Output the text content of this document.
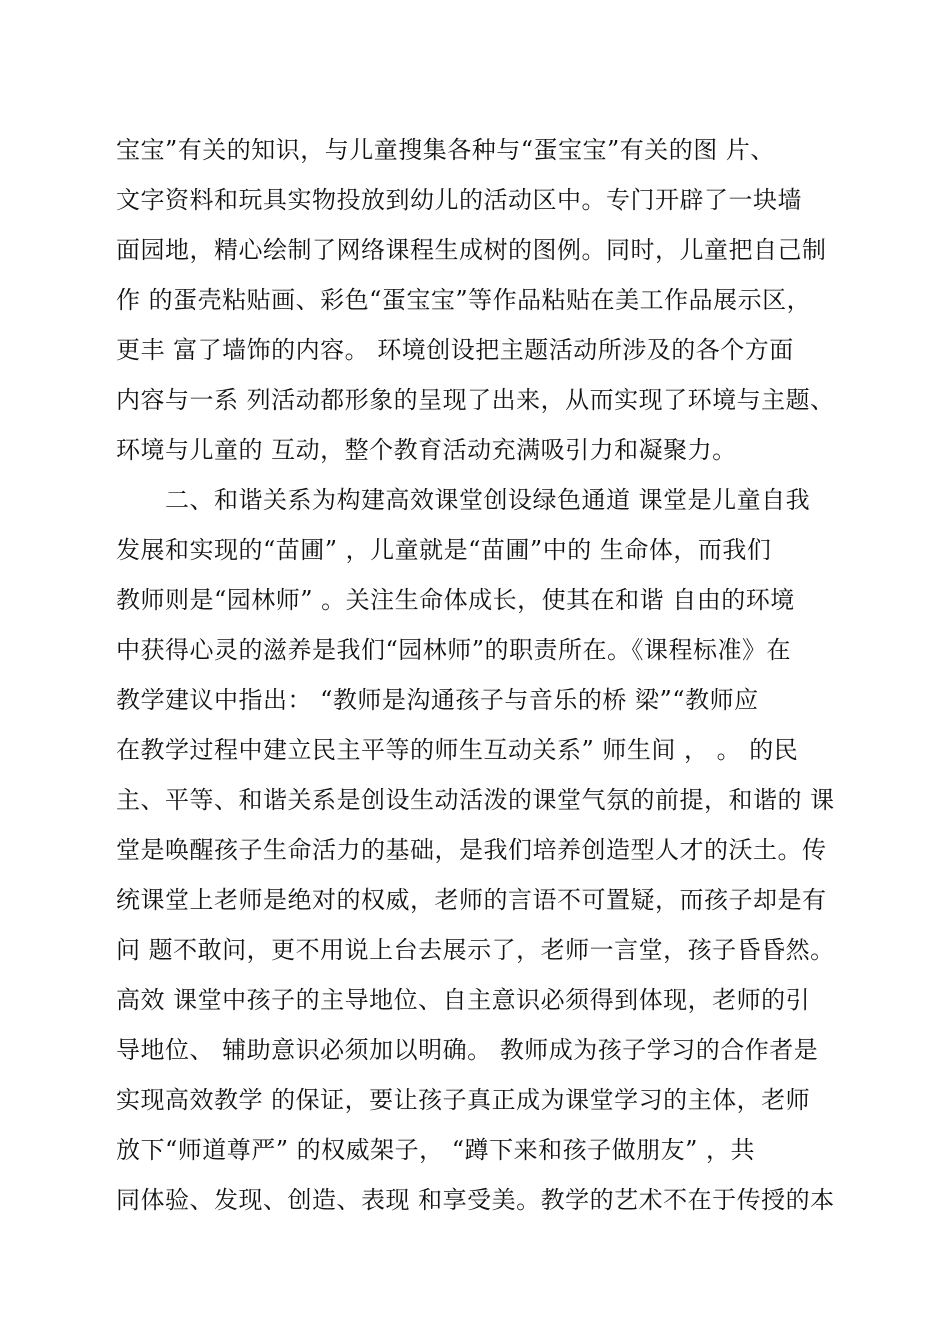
宝宝”有关的知识，与儿童搜集各种与“蛋宝宝”有关的图 片、
文字资料和玩具实物投放到幼儿的活动区中。专门开辟了一块墙
面园地，精心绘制了网络课程生成树的图例。同时，儿童把自己制
作 的蛋壳粘贴画、彩色“蛋宝宝”等作品粘贴在美工作品展示区，
更丰 富了墙饰的内容。 环境创设把主题活动所涉及的各个方面
内容与一系 列活动都形象的呈现了出来，从而实现了环境与主题、
环境与儿童的 互动，整个教育活动充满吸引力和凝聚力。
　　二、和谐关系为构建高效课堂创设绿色通道 课堂是儿童自我
发展和实现的“苗圃” ，儿童就是“苗圃”中的 生命体，而我们
教师则是“园林师” 。关注生命体成长，使其在和谐 自由的环境
中获得心灵的滋养是我们“园林师”的职责所在。《课程标准》在
教学建议中指出： “教师是沟通孩子与音乐的桥 梁”“教师应
在教学过程中建立民主平等的师生互动关系” 师生间 ， 。 的民
主、平等、和谐关系是创设生动活泼的课堂气氛的前提，和谐的 课
堂是唤醒孩子生命活力的基础，是我们培养创造型人才的沃土。传
统课堂上老师是绝对的权威，老师的言语不可置疑，而孩子却是有
问 题不敢问，更不用说上台去展示了，老师一言堂，孩子昏昏然。
高效 课堂中孩子的主导地位、自主意识必须得到体现，老师的引
导地位、 辅助意识必须加以明确。 教师成为孩子学习的合作者是
实现高效教学 的保证，要让孩子真正成为课堂学习的主体，老师
放下“师道尊严” 的权威架子， “蹲下来和孩子做朋友” ，共
同体验、发现、创造、表现 和享受美。教学的艺术不在于传授的本
